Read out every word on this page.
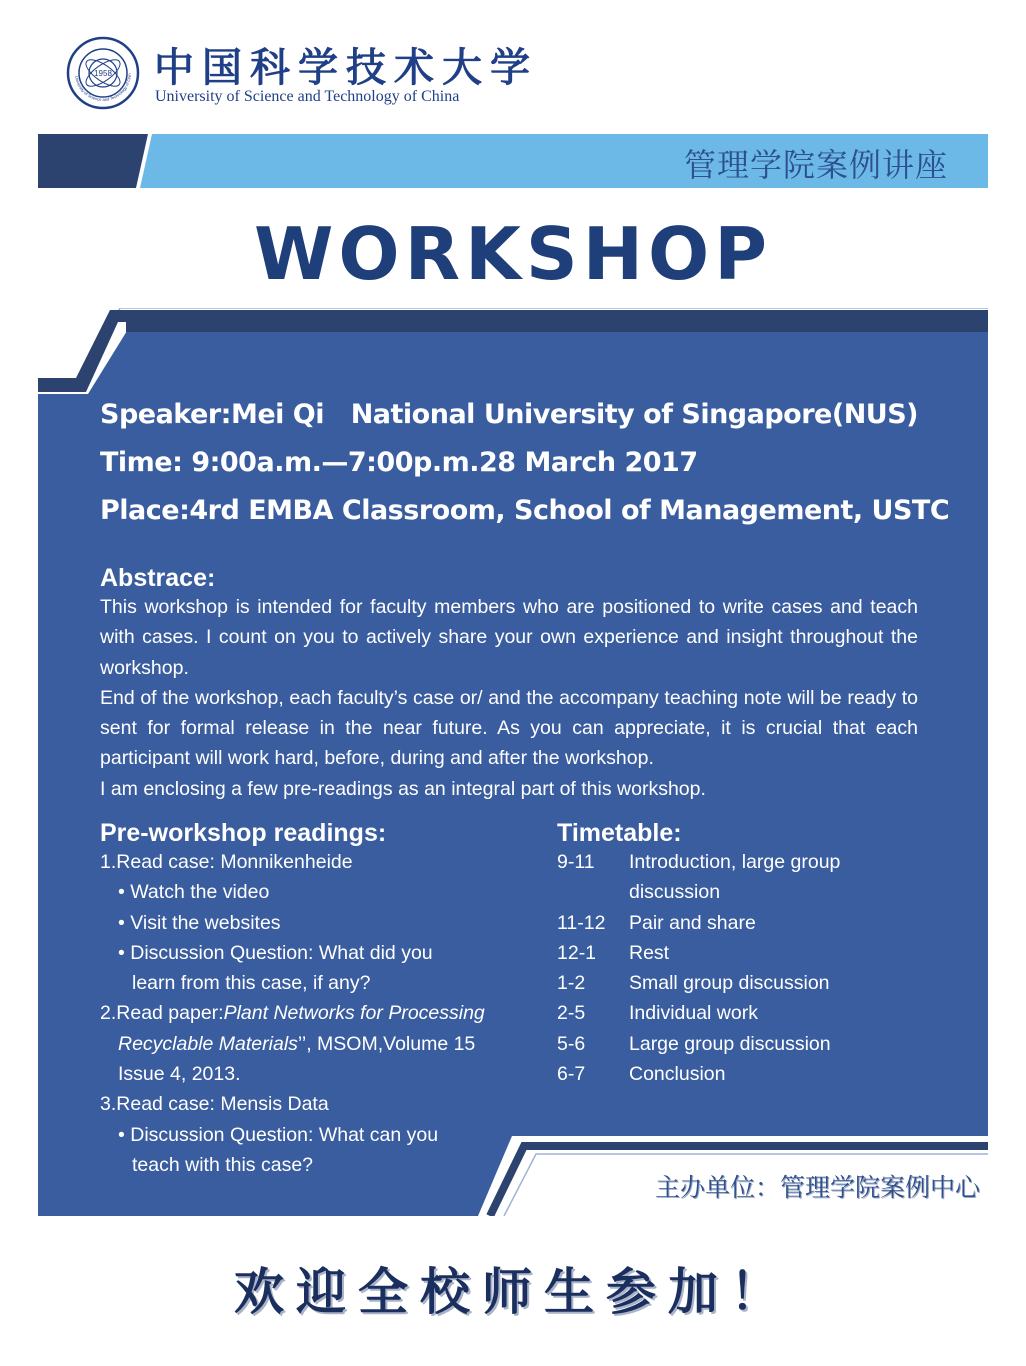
1958
University of Science and Technology of Chin 中国科学技术大学
University of Science and Technology of China
管理学院案例讲座
WORKSHOP
Speaker:Mei Qi   National University of Singapore(NUS)
Time: 9:00a.m.—7:00p.m.28 March 2017
Place:4rd EMBA Classroom, School of Management, USTC
Abstrace:

This workshop is intended for faculty members who are positioned to write cases and teach with cases. I count on you to actively share your own experience and insight throughout the workshop.

End of the workshop, each faculty’s case or/ and the accompany teaching note will be ready to sent for formal release in the near future. As you can appreciate, it is crucial that each participant will work hard, before, during and after the workshop.

I am enclosing a few pre-readings as an integral part of this workshop.

Pre-workshop readings:
1.Read case: Monnikenheide
• Watch the video
• Visit the websites
• Discussion Question: What did you
learn from this case, if any?
2.Read paper:Plant Networks for Processing
Recyclable Materials’’, MSOM,Volume 15
Issue 4, 2013.
3.Read case: Mensis Data
• Discussion Question: What can you
teach with this case?
Timetable:
9-11	Introduction, large group
discussion
11-12	Pair and share
12-1	Rest
1-2	Small group discussion
2-5	Individual work
5-6	Large group discussion
6-7	Conclusion
主办单位：管理学院案例中心
欢迎全校师生参加！
